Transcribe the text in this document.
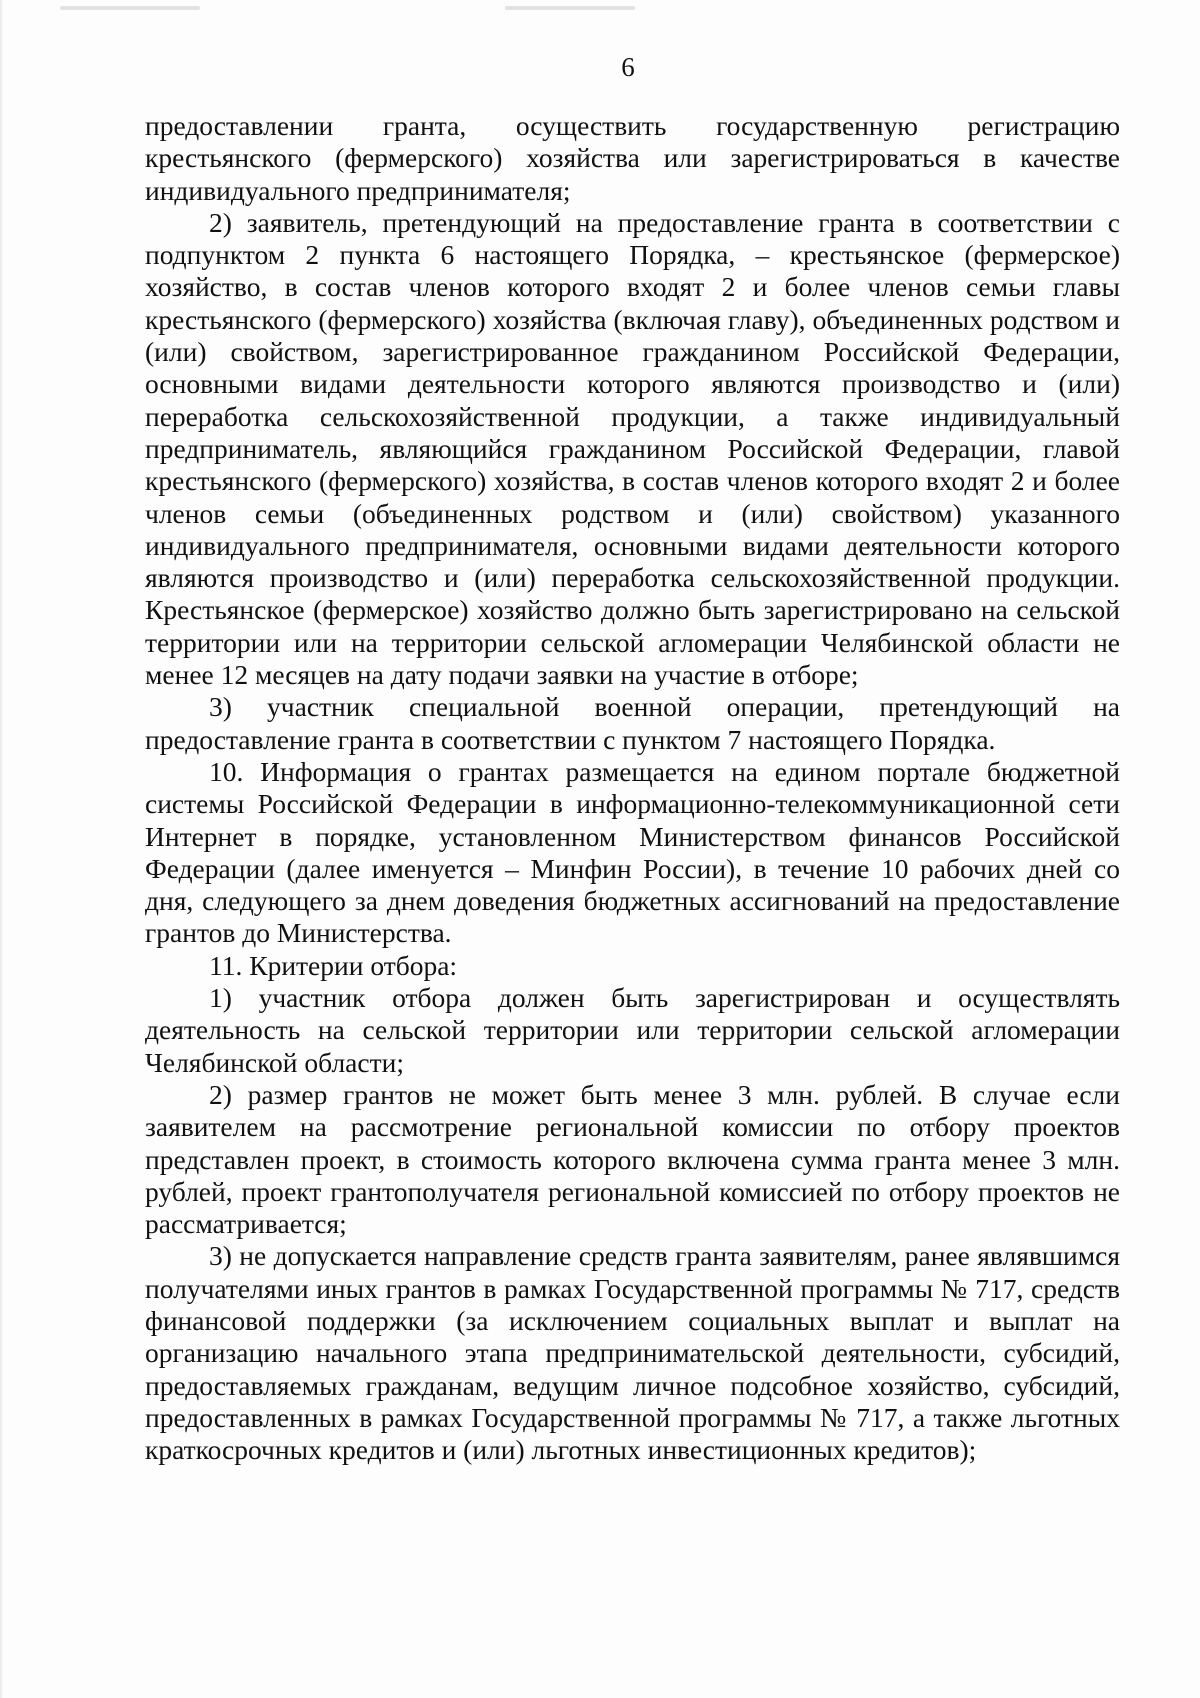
6

предоставлении гранта, осуществить государственную регистрацию крестьянского (фермерского) хозяйства или зарегистрироваться в качестве индивидуального предпринимателя;

2) заявитель, претендующий на предоставление гранта в соответствии с подпунктом 2 пункта 6 настоящего Порядка, – крестьянское (фермерское) хозяйство, в состав членов которого входят 2 и более членов семьи главы крестьянского (фермерского) хозяйства (включая главу), объединенных родством и (или) свойством, зарегистрированное гражданином Российской Федерации, основными видами деятельности которого являются производство и (или) переработка сельскохозяйственной продукции, а также индивидуальный предприниматель, являющийся гражданином Российской Федерации, главой крестьянского (фермерского) хозяйства, в состав членов которого входят 2 и более членов семьи (объединенных родством и (или) свойством) указанного индивидуального предпринимателя, основными видами деятельности которого являются производство и (или) переработка сельскохозяйственной продукции. Крестьянское (фермерское) хозяйство должно быть зарегистрировано на сельской территории или на территории сельской агломерации Челябинской области не менее 12 месяцев на дату подачи заявки на участие в отборе;

3) участник специальной военной операции, претендующий на предоставление гранта в соответствии с пунктом 7 настоящего Порядка.

10. Информация о грантах размещается на едином портале бюджетной системы Российской Федерации в информационно-телекоммуникационной сети Интернет в порядке, установленном Министерством финансов Российской Федерации (далее именуется – Минфин России), в течение 10 рабочих дней со дня, следующего за днем доведения бюджетных ассигнований на предоставление грантов до Министерства.

11. Критерии отбора:

1) участник отбора должен быть зарегистрирован и осуществлять деятельность на сельской территории или территории сельской агломерации Челябинской области;

2) размер грантов не может быть менее 3 млн. рублей. В случае если заявителем на рассмотрение региональной комиссии по отбору проектов представлен проект, в стоимость которого включена сумма гранта менее 3 млн. рублей, проект грантополучателя региональной комиссией по отбору проектов не рассматривается;

3) не допускается направление средств гранта заявителям, ранее являвшимся получателями иных грантов в рамках Государственной программы № 717, средств финансовой поддержки (за исключением социальных выплат и выплат на организацию начального этапа предпринимательской деятельности, субсидий, предоставляемых гражданам, ведущим личное подсобное хозяйство, субсидий, предоставленных в рамках Государственной программы № 717, а также льготных краткосрочных кредитов и (или) льготных инвестиционных кредитов);
